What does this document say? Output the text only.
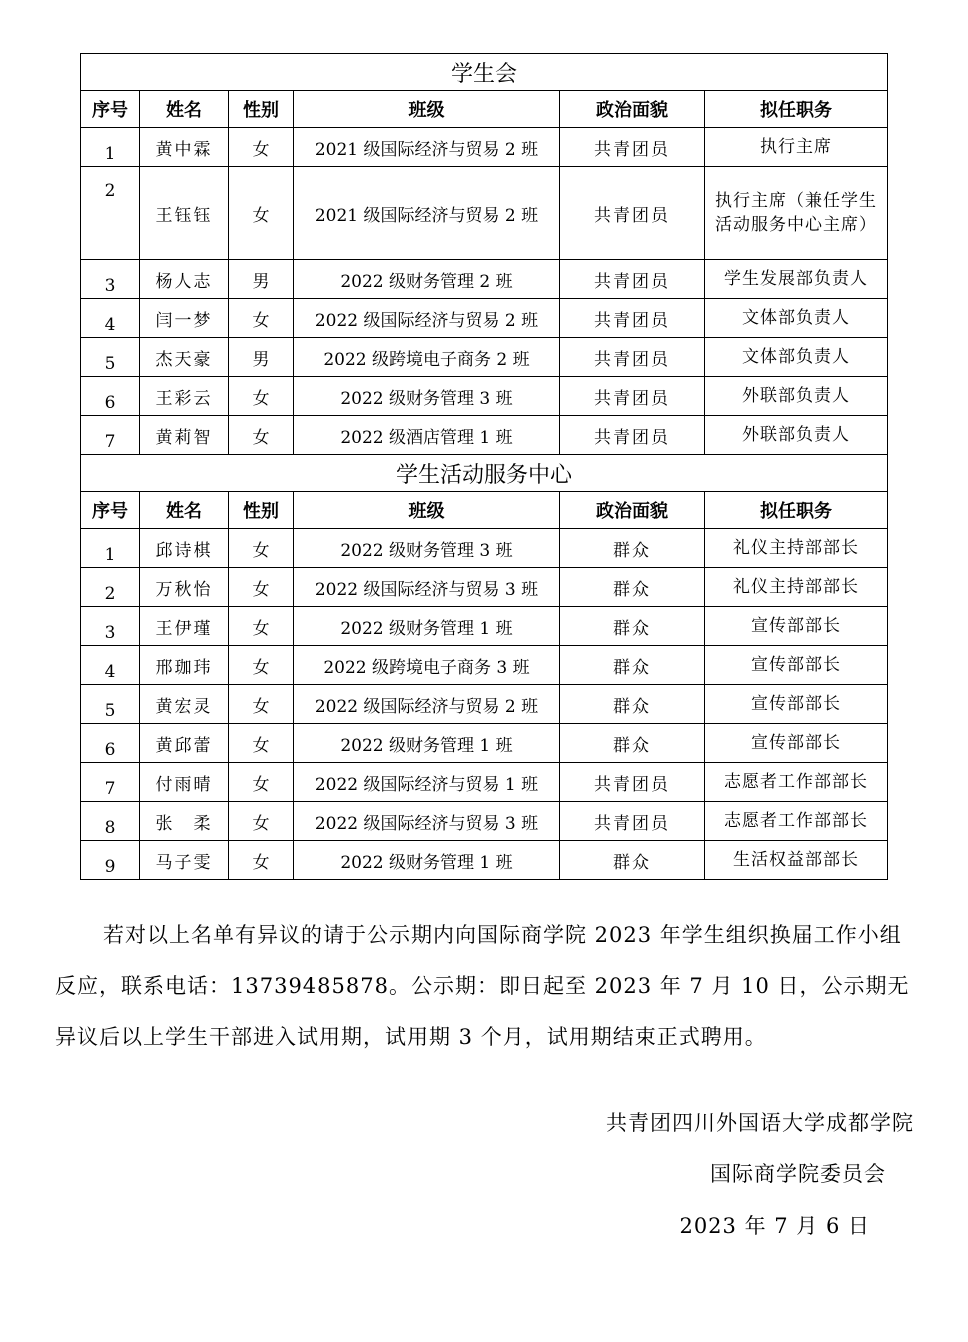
学生会					
序号	姓名	性别	班级	政治面貌	拟任职务
1	黄中霖	女	2021 级国际经济与贸易 2 班	共青团员	执行主席
2	王钰钰	女	2021 级国际经济与贸易 2 班	共青团员	执行主席（兼任学生活动服务中心主席）
3	杨人志	男	2022 级财务管理 2 班	共青团员	学生发展部负责人
4	闫一梦	女	2022 级国际经济与贸易 2 班	共青团员	文体部负责人
5	杰天豪	男	2022 级跨境电子商务 2 班	共青团员	文体部负责人
6	王彩云	女	2022 级财务管理 3 班	共青团员	外联部负责人
7	黄莉智	女	2022 级酒店管理 1 班	共青团员	外联部负责人
学生活动服务中心					
序号	姓名	性别	班级	政治面貌	拟任职务
1	邱诗棋	女	2022 级财务管理 3 班	群众	礼仪主持部部长
2	万秋怡	女	2022 级国际经济与贸易 3 班	群众	礼仪主持部部长
3	王伊瑾	女	2022 级财务管理 1 班	群众	宣传部部长
4	邢珈玮	女	2022 级跨境电子商务 3 班	群众	宣传部部长
5	黄宏灵	女	2022 级国际经济与贸易 2 班	群众	宣传部部长
6	黄邱蕾	女	2022 级财务管理 1 班	群众	宣传部部长
7	付雨晴	女	2022 级国际经济与贸易 1 班	共青团员	志愿者工作部部长
8	张　柔	女	2022 级国际经济与贸易 3 班	共青团员	志愿者工作部部长
9	马子雯	女	2022 级财务管理 1 班	群众	生活权益部部长
若对以上名单有异议的请于公示期内向国际商学院 2023 年学生组织换届工作小组反应，联系电话：13739485878。公示期：即日起至 2023 年 7 月 10 日，公示期无异议后以上学生干部进入试用期，试用期 3 个月，试用期结束正式聘用。
共青团四川外国语大学成都学院
国际商学院委员会
2023 年 7 月 6 日
